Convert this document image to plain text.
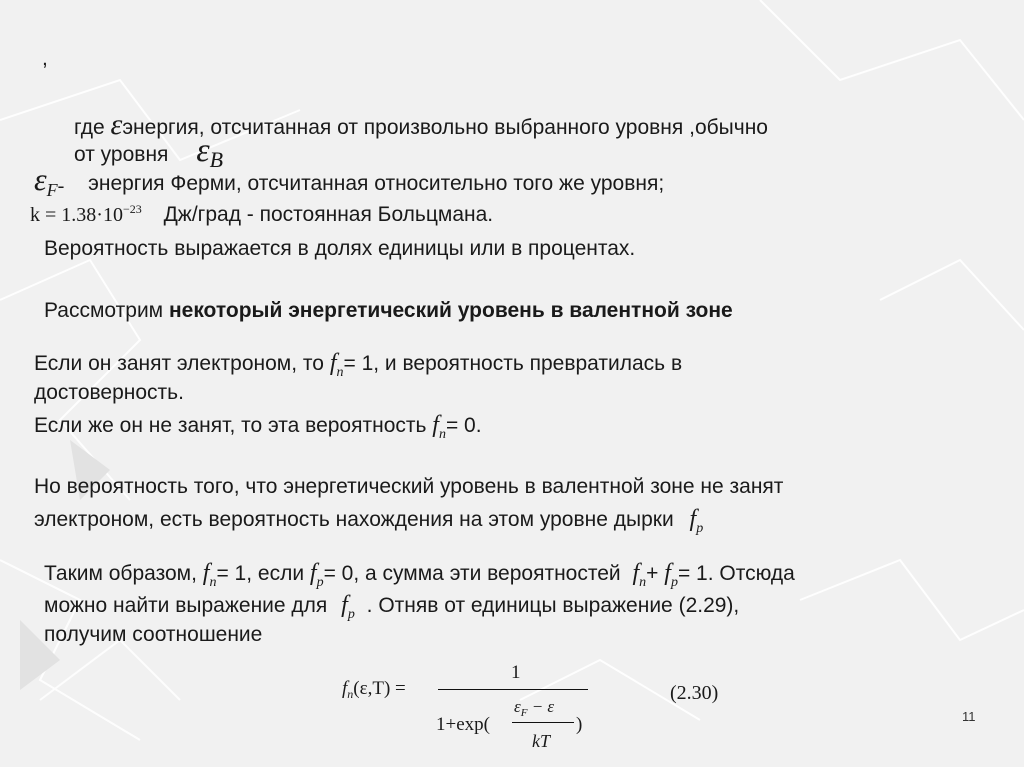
,
где εэнергия, отсчитанная от произвольно выбранного уровня ,обычно
от уровня εB
εF- энергия Ферми, отсчитанная относительно того же уровня;
$k = 1.38\cdot 10^{-23}$ Дж/град - постоянная Больцмана.
Вероятность выражается в долях единицы или в процентах.
Рассмотрим некоторый энергетический уровень в валентной зоне
Если он занят электроном, то $f_n= 1$, и вероятность превратилась в
достоверность.
Если же он не занят, то эта вероятность $f_n= 0$.
Но вероятность того, что энергетический уровень в валентной зоне не занят
электроном, есть вероятность нахождения на этом уровне дырки $f_p$
Таким образом, $f_n= 1$, если $f_p= 0$, а сумма эти вероятностей $f_n+ f_p= 1$. Отсюда
можно найти выражение для $f_p$ . Отняв от единицы выражение (2.29),
получим соотношение
$f_n(\varepsilon,T)$ =
1
1+exp(
$\varepsilon_F - \varepsilon$
kT
)
(2.30)
11
